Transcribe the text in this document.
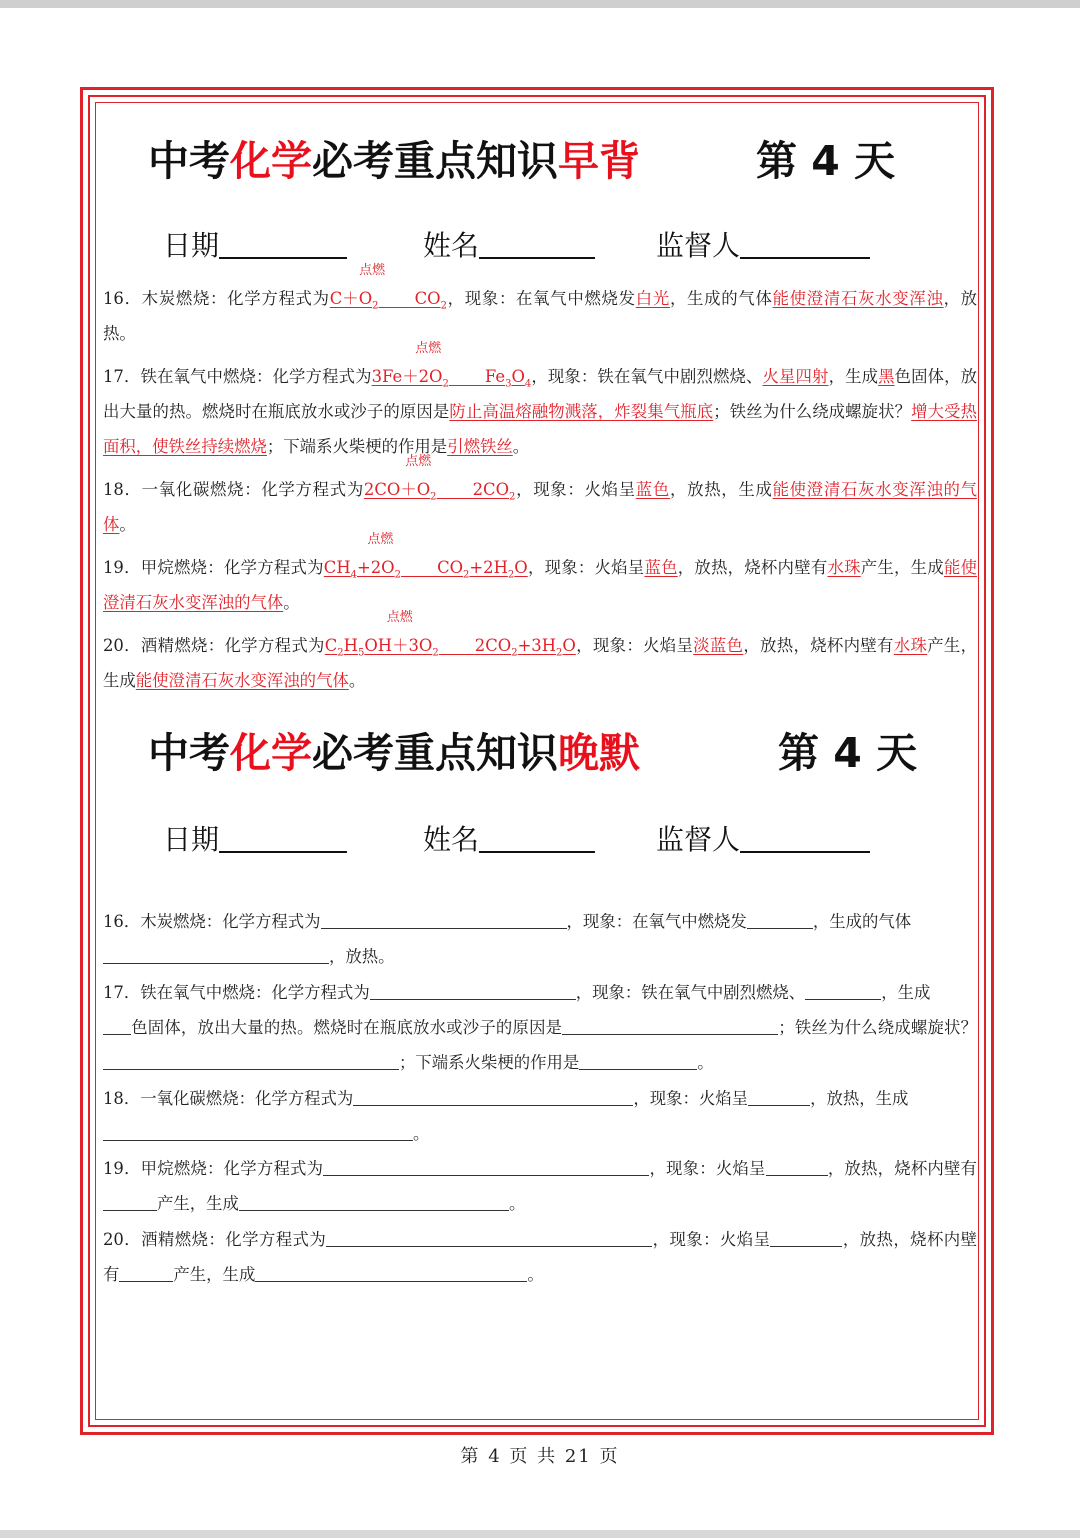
中考化学必考重点知识早背	第 4 天
日期	姓名	监督人
16．木炭燃烧：化学方程式为$C+O_2$
点燃
   $CO_2$，现象：在氧气中燃烧发白光，生成的气体能使澄清石灰水变浑浊，放热。
17．铁在氧气中燃烧：化学方程式为$3Fe+2O_2$
点燃
   $Fe_3O_4$，现象：铁在氧气中剧烈燃烧、火星四射，生成黑色固体，放出大量的热。燃烧时在瓶底放水或沙子的原因是防止高温熔融物溅落，炸裂集气瓶底；铁丝为什么绕成螺旋状？增大受热面积，使铁丝持续燃烧；下端系火柴梗的作用是引燃铁丝。
18．一氧化碳燃烧：化学方程式为$2CO+O_2$
点燃
   $2CO_2$，现象：火焰呈蓝色，放热，生成能使澄清石灰水变浑浊的气体。
19．甲烷燃烧：化学方程式为$CH_4+2O_2$
点燃
   $CO_2+2H_2O$，现象：火焰呈蓝色，放热，烧杯内壁有水珠产生，生成能使澄清石灰水变浑浊的气体。
20．酒精燃烧：化学方程式为$C_2H_5OH+3O_2$
点燃
   $2CO_2+3H_2O$，现象：火焰呈淡蓝色，放热，烧杯内壁有水珠产生，生成能使澄清石灰水变浑浊的气体。
中考化学必考重点知识晚默	第 4 天
日期	姓名	监督人
16．木炭燃烧：化学方程式为	，现象：在氧气中燃烧发	，生成的气体
，放热。
17．铁在氧气中燃烧：化学方程式为	，现象：铁在氧气中剧烈燃烧、	，生成
色固体，放出大量的热。燃烧时在瓶底放水或沙子的原因是	；铁丝为什么绕成螺旋状？；下端系火柴梗的作用是	。
18．一氧化碳燃烧：化学方程式为	，现象：火焰呈	，放热，生成
。
19．甲烷燃烧：化学方程式为	，现象：火焰呈	，放热，烧杯内壁有产生，生成	。
20．酒精燃烧：化学方程式为	，现象：火焰呈	，放热，烧杯内壁有	产生，生成	。
第 4 页 共 21 页
